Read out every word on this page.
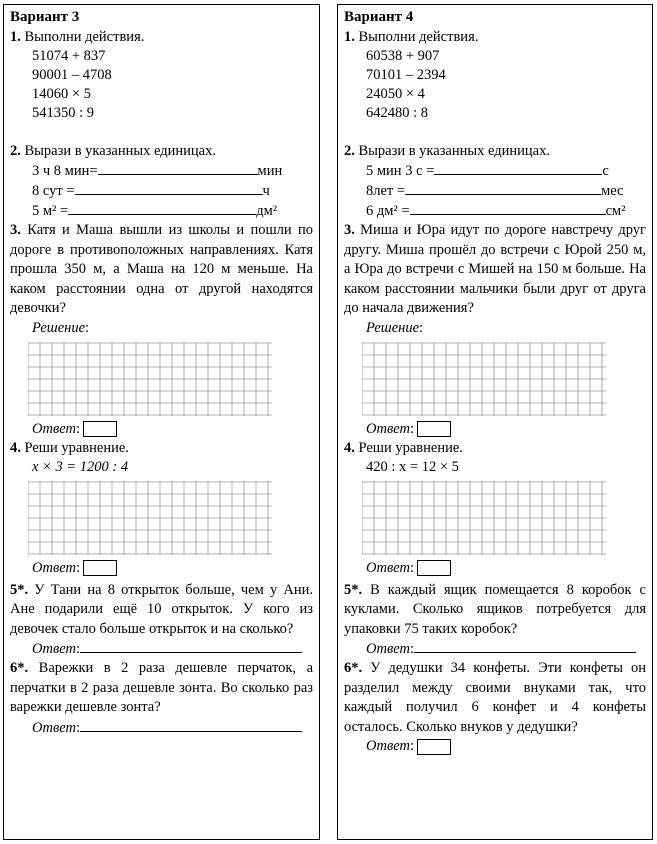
Вариант 3
1. Выполни действия.
51074 + 837
90001 – 4708
14060 × 5
541350 : 9
2. Вырази в указанных единицах.
3 ч 8 мин=	мин
8 сут =	ч
5 м² =	дм²
3. Катя и Маша вышли из школы и пошли по дороге в противоположных направлениях. Катя прошла 350 м, а Маша на 120 м меньше. На каком расстоянии одна от другой находятся девочки?
Решение:
Ответ:
4. Реши уравнение.
x × 3 = 1200 : 4
Ответ:
5*. У Тани на 8 открыток больше, чем у Ани. Ане подарили ещё 10 открыток. У кого из девочек стало больше открыток и на сколько?
Ответ:
6*. Варежки в 2 раза дешевле перчаток, а перчатки в 2 раза дешевле зонта. Во сколько раз варежки дешевле зонта?
Ответ:
Вариант 4
1. Выполни действия.
60538 + 907
70101 – 2394
24050 × 4
642480 : 8
2. Вырази в указанных единицах.
5 мин 3 с =	с
8лет =	мес
6 дм² =	см²
3. Миша и Юра идут по дороге навстречу друг другу. Миша прошёл до встречи с Юрой 250 м, а Юра до встречи с Мишей на 150 м больше. На каком расстоянии мальчики были друг от друга до начала движения?
Решение:
Ответ:
4. Реши уравнение.
420 : x = 12 × 5
Ответ:
5*. В каждый ящик помещается 8 коробок с куклами. Сколько ящиков потребуется для упаковки 75 таких коробок?
Ответ:
6*. У дедушки 34 конфеты. Эти конфеты он разделил между своими внуками так, что каждый получил 6 конфет и 4 конфеты осталось. Сколько внуков у дедушки?
Ответ:
